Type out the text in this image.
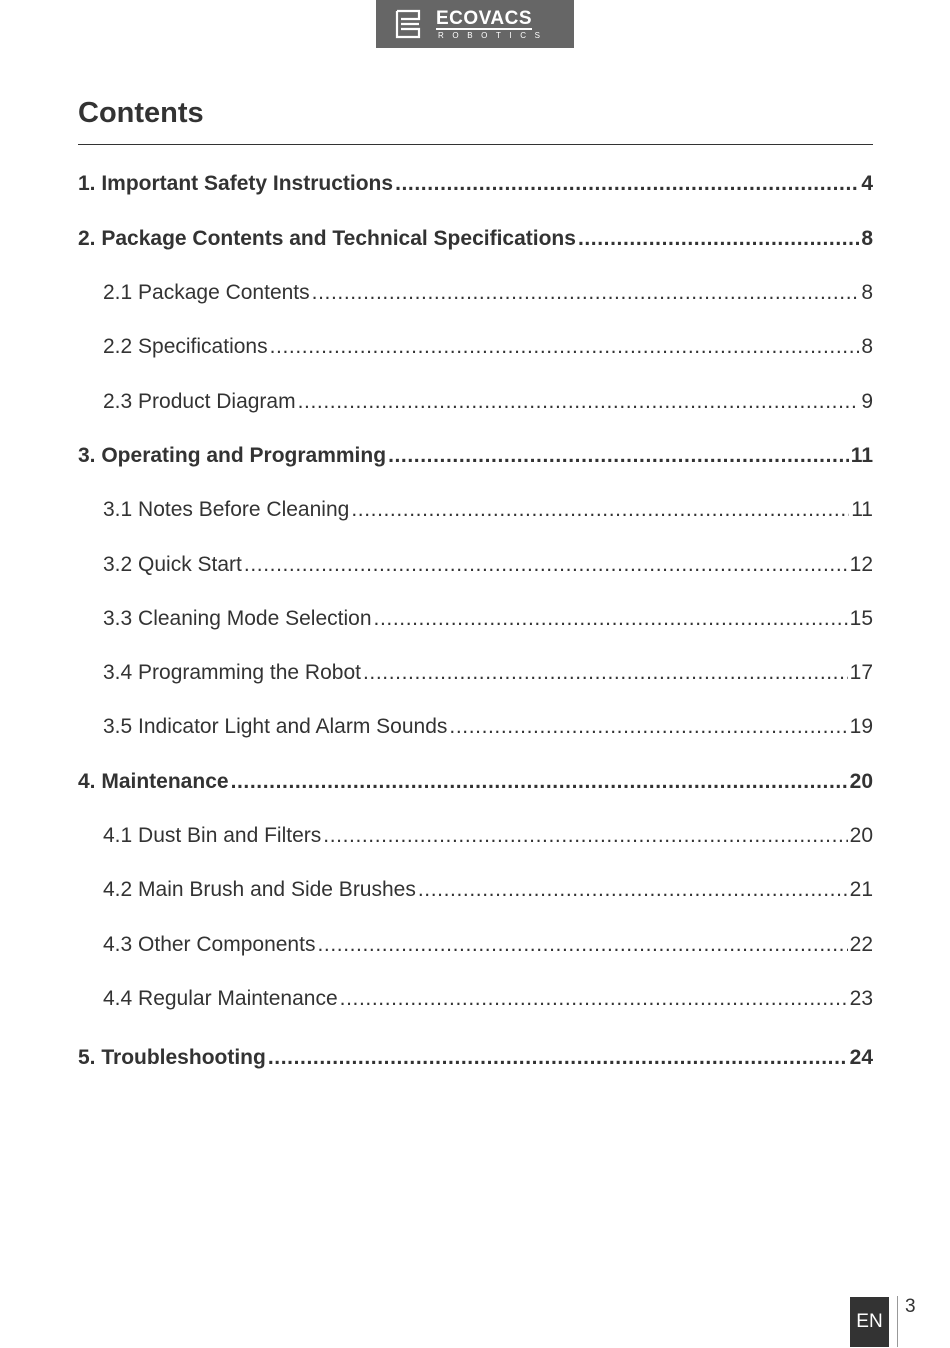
ECOVACS
ROBOTICS
Contents
1. Important Safety Instructions .....	4
2. Package Contents and Technical Specifications .....	8
2.1 Package Contents .....	8
2.2 Specifications .....	8
2.3 Product Diagram .....	9
3. Operating and Programming .....	11
3.1 Notes Before Cleaning .....	11
3.2 Quick Start .....	12
3.3 Cleaning Mode Selection .....	15
3.4 Programming the Robot .....	17
3.5 Indicator Light and Alarm Sounds .....	19
4. Maintenance .....	20
4.1 Dust Bin and Filters .....	20
4.2 Main Brush and Side Brushes .....	21
4.3 Other Components .....	22
4.4 Regular Maintenance .....	23
5. Troubleshooting .....	24
EN
3
